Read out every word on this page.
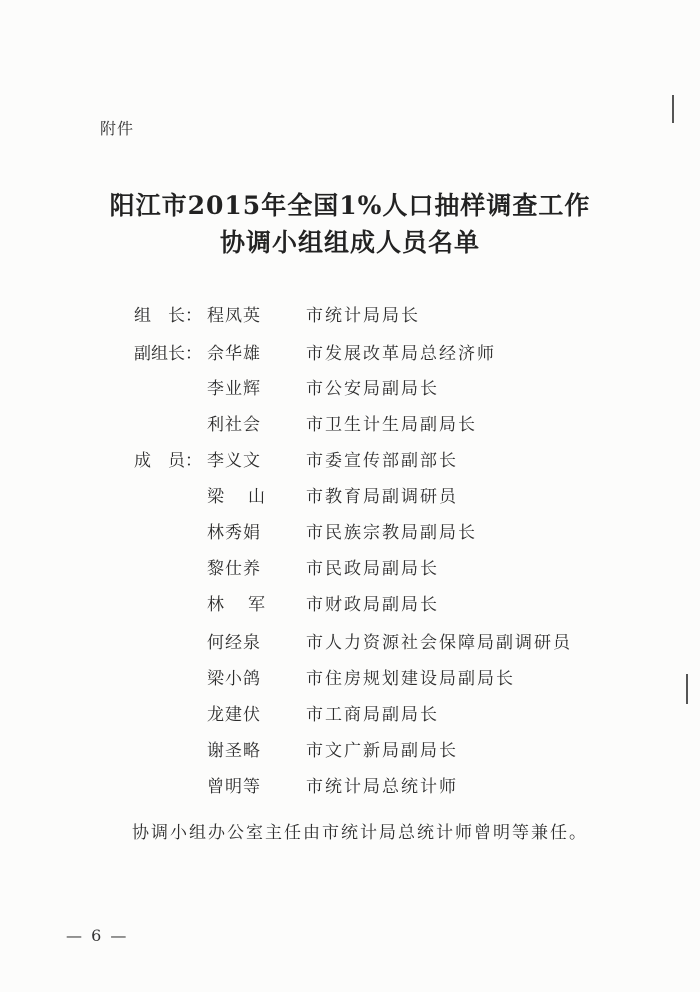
附件
阳江市2015年全国1%人口抽样调查工作
协调小组组成人员名单
组　长： 程凤英	市统计局局长
副组长： 佘华雄	市发展改革局总经济师
李业辉	市公安局副局长
利社会	市卫生计生局副局长
成　员： 李义文	市委宣传部副部长
梁山	市教育局副调研员
林秀娟	市民族宗教局副局长
黎仕养	市民政局副局长
林军	市财政局副局长
何经泉	市人力资源社会保障局副调研员
梁小鸽	市住房规划建设局副局长
龙建伏	市工商局副局长
谢圣略	市文广新局副局长
曾明等	市统计局总统计师
协调小组办公室主任由市统计局总统计师曾明等兼任。
— 6 —
